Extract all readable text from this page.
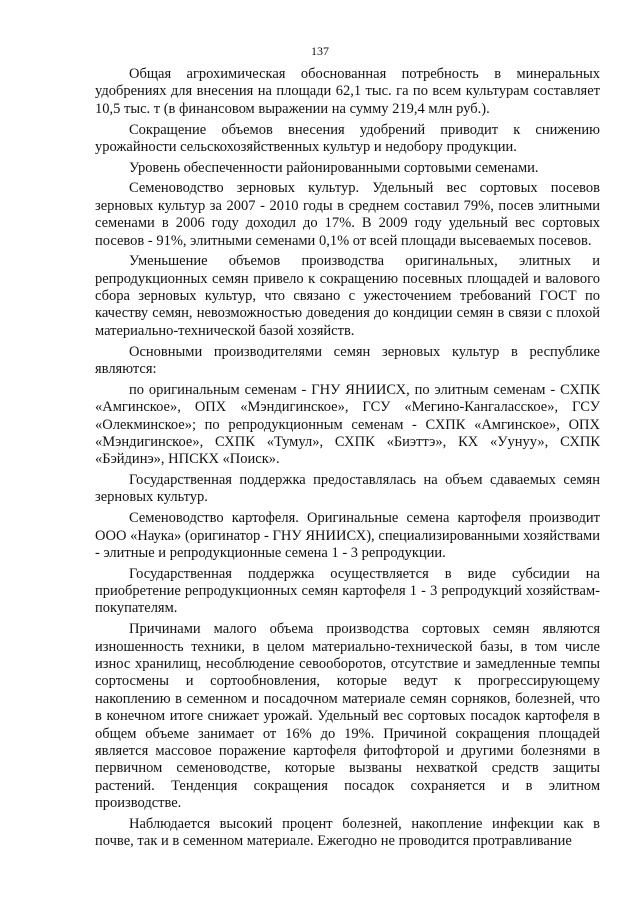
137

Общая агрохимическая обоснованная потребность в минеральных удобрениях для внесения на площади 62,1 тыс. га по всем культурам составляет 10,5 тыс. т (в финансовом выражении на сумму 219,4 млн руб.).

Сокращение объемов внесения удобрений приводит к снижению урожайности сельскохозяйственных культур и недобору продукции.

Уровень обеспеченности районированными сортовыми семенами.

Семеноводство зерновых культур. Удельный вес сортовых посевов зерновых культур за 2007 - 2010 годы в среднем составил 79%, посев элитными семенами в 2006 году доходил до 17%. В 2009 году удельный вес сортовых посевов - 91%, элитными семенами 0,1% от всей площади высеваемых посевов.

Уменьшение объемов производства оригинальных, элитных и репродукционных семян привело к сокращению посевных площадей и валового сбора зерновых культур, что связано с ужесточением требований ГОСТ по качеству семян, невозможностью доведения до кондиции семян в связи с плохой материально-технической базой хозяйств.

Основными производителями семян зерновых культур в республике являются:

по оригинальным семенам - ГНУ ЯНИИСХ, по элитным семенам - СХПК «Амгинское», ОПХ «Мэндигинское», ГСУ «Мегино-Кангаласское», ГСУ «Олекминское»; по репродукционным семенам - СХПК «Амгинское», ОПХ «Мэндигинское», СХПК «Тумул», СХПК «Биэттэ», КХ «Уунуу», СХПК «Бэйдинэ», НПСКХ «Поиск».

Государственная поддержка предоставлялась на объем сдаваемых семян зерновых культур.

Семеноводство картофеля. Оригинальные семена картофеля производит ООО «Наука» (оригинатор - ГНУ ЯНИИСХ), специализированными хозяйствами - элитные и репродукционные семена 1 - 3 репродукции.

Государственная поддержка осуществляется в виде субсидии на приобретение репродукционных семян картофеля 1 - 3 репродукций хозяйствам-покупателям.

Причинами малого объема производства сортовых семян являются изношенность техники, в целом материально-технической базы, в том числе износ хранилищ, несоблюдение севооборотов, отсутствие и замедленные темпы сортосмены и сортообновления, которые ведут к прогрессирующему накоплению в семенном и посадочном материале семян сорняков, болезней, что в конечном итоге снижает урожай. Удельный вес сортовых посадок картофеля в общем объеме занимает от 16% до 19%. Причиной сокращения площадей является массовое поражение картофеля фитофторой и другими болезнями в первичном семеноводстве, которые вызваны нехваткой средств защиты растений. Тенденция сокращения посадок сохраняется и в элитном производстве.

Наблюдается высокий процент болезней, накопление инфекции как в почве, так и в семенном материале. Ежегодно не проводится протравливание
